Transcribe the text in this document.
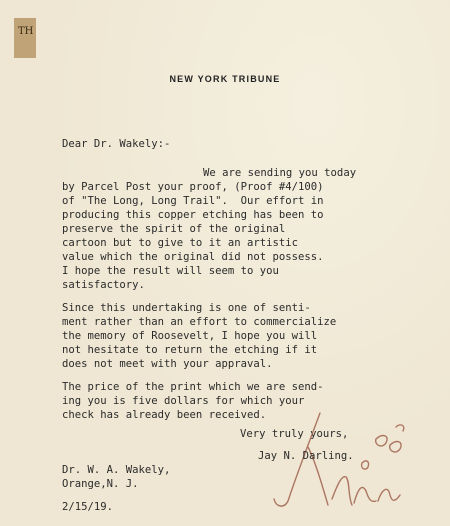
TH
NEW YORK TRIBUNE
Dear Dr. Wakely:-
We are sending you today
by Parcel Post your proof, (Proof #4/100)
of "The Long, Long Trail".  Our effort in
producing this copper etching has been to
preserve the spirit of the original
cartoon but to give to it an artistic
value which the original did not possess.
I hope the result will seem to you
satisfactory.
Since this undertaking is one of senti-
ment rather than an effort to commercialize
the memory of Roosevelt, I hope you will
not hesitate to return the etching if it
does not meet with your appraval.
The price of the print which we are send-
ing you is five dollars for which your
check has already been received.
Very truly yours,
Jay N. Darling.
Dr. W. A. Wakely,
Orange,N. J.
2/15/19.
